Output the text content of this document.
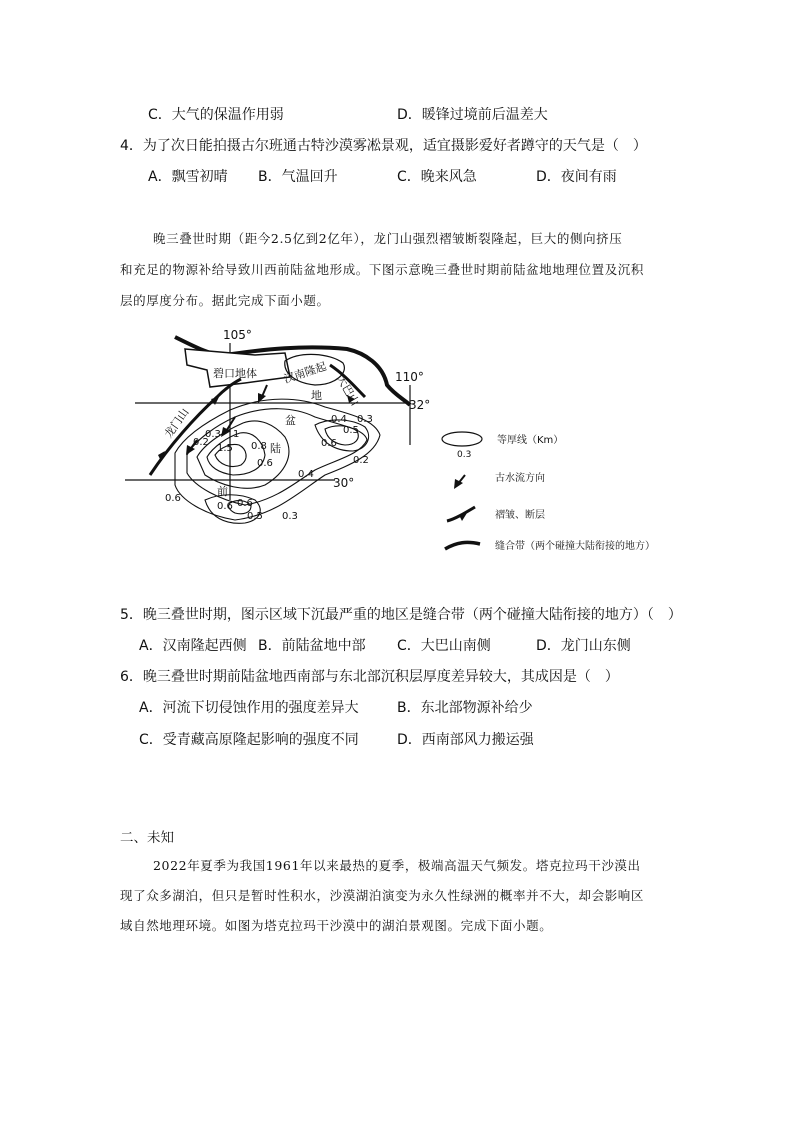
C．大气的保温作用弱	D．暖锋过境前后温差大
4．为了次日能拍摄古尔班通古特沙漠雾凇景观，适宜摄影爱好者蹲守的天气是（　）
A．飘雪初晴 B．气温回升	C．晚来风急	D．夜间有雨
晚三叠世时期（距今2.5亿到2亿年），龙门山强烈褶皱断裂隆起，巨大的侧向挤压
和充足的物源补给导致川西前陆盆地形成。下图示意晚三叠世时期前陆盆地地理位置及沉积
层的厚度分布。据此完成下面小题。
碧口地体 汉南隆起 大巴山
龙门山
105°
110°
32°
30°
盆
地
陆
前
0.3
0.2
1
1.5 0.8
0.6
0.4 0.3
0.4
0.5
0.6
0.2
0.6
0.6 0.6
0.5 0.3
0.3
等厚线（Km）
古水流方向
褶皱、断层
缝合带（两个碰撞大陆衔接的地方）
5．晚三叠世时期，图示区域下沉最严重的地区是缝合带（两个碰撞大陆衔接的地方）（　）
A．汉南隆起西侧 B．前陆盆地中部 C．大巴山南侧	D．龙门山东侧
6．晚三叠世时期前陆盆地西南部与东北部沉积层厚度差异较大，其成因是（　）
A．河流下切侵蚀作用的强度差异大	B．东北部物源补给少
C．受青藏高原隆起影响的强度不同	D．西南部风力搬运强
二、未知
2022年夏季为我国1961年以来最热的夏季，极端高温天气频发。塔克拉玛干沙漠出
现了众多湖泊，但只是暂时性积水，沙漠湖泊演变为永久性绿洲的概率并不大，却会影响区
域自然地理环境。如图为塔克拉玛干沙漠中的湖泊景观图。完成下面小题。
